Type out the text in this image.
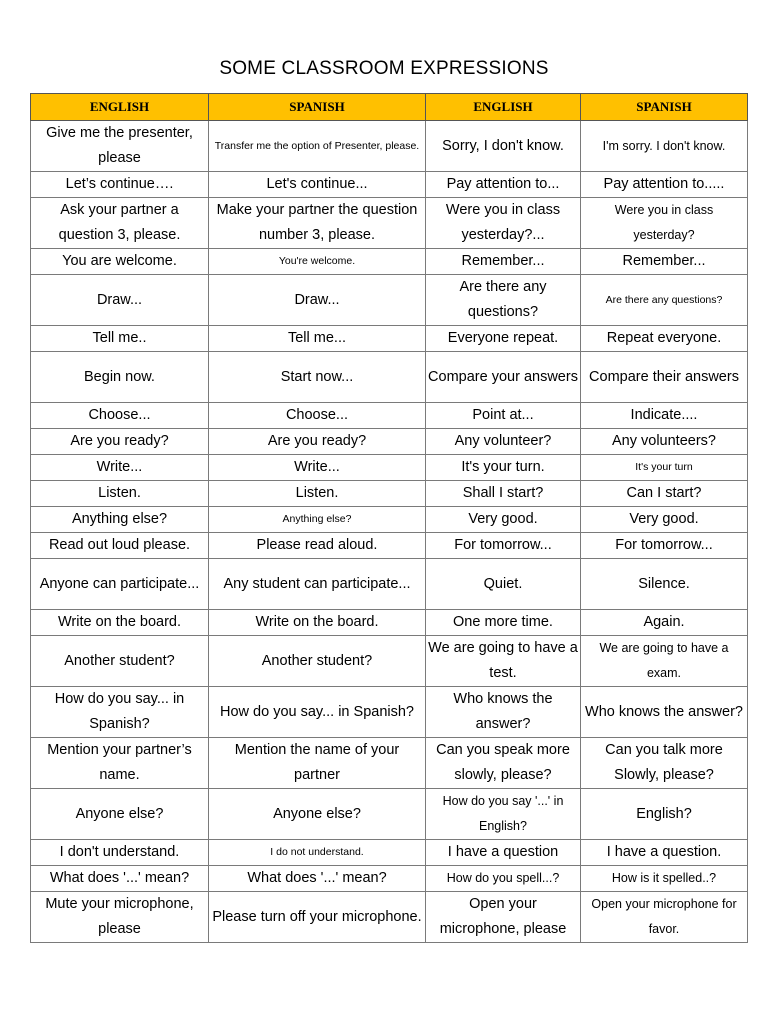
SOME CLASSROOM EXPRESSIONS
ENGLISH	SPANISH	ENGLISH	SPANISH
Give me the presenter, please	Transfer me the option of Presenter, please.	Sorry, I don't know.	I'm sorry. I don't know.
Let’s continue….	Let's continue...	Pay attention to...	Pay attention to.....
Ask your partner a question 3, please.	Make your partner the question number 3, please.	Were you in class yesterday?...	Were you in class yesterday?
You are welcome.	You're welcome.	Remember...	Remember...
Draw...	Draw...	Are there any questions?	Are there any questions?
Tell me..	Tell me...	Everyone repeat.	Repeat everyone.
Begin now.	Start now...	Compare your answers	Compare their answers
Choose...	Choose...	Point at...	Indicate....
Are you ready?	Are you ready?	Any volunteer?	Any volunteers?
Write...	Write...	It's your turn.	It's your turn
Listen.	Listen.	Shall I start?	Can I start?
Anything else?	Anything else?	Very good.	Very good.
Read out loud please.	Please read aloud.	For tomorrow...	For tomorrow...
Anyone can participate...	Any student can participate...	Quiet.	Silence.
Write on the board.	Write on the board.	One more time.	Again.
Another student?	Another student?	We are going to have a test.	We are going to have a exam.
How do you say... in Spanish?	How do you say... in Spanish?	Who knows the answer?	Who knows the answer?
Mention your partner’s name.	Mention the name of your partner	Can you speak more slowly, please?	Can you talk more Slowly, please?
Anyone else?	Anyone else?	How do you say '...' in English?	English?
I don't understand.	I do not understand.	I have a question	I have a question.
What does '...' mean?	What does '...' mean?	How do you spell...?	How is it spelled..?
Mute your microphone, please	Please turn off your microphone.	Open your microphone, please	Open your microphone for favor.
